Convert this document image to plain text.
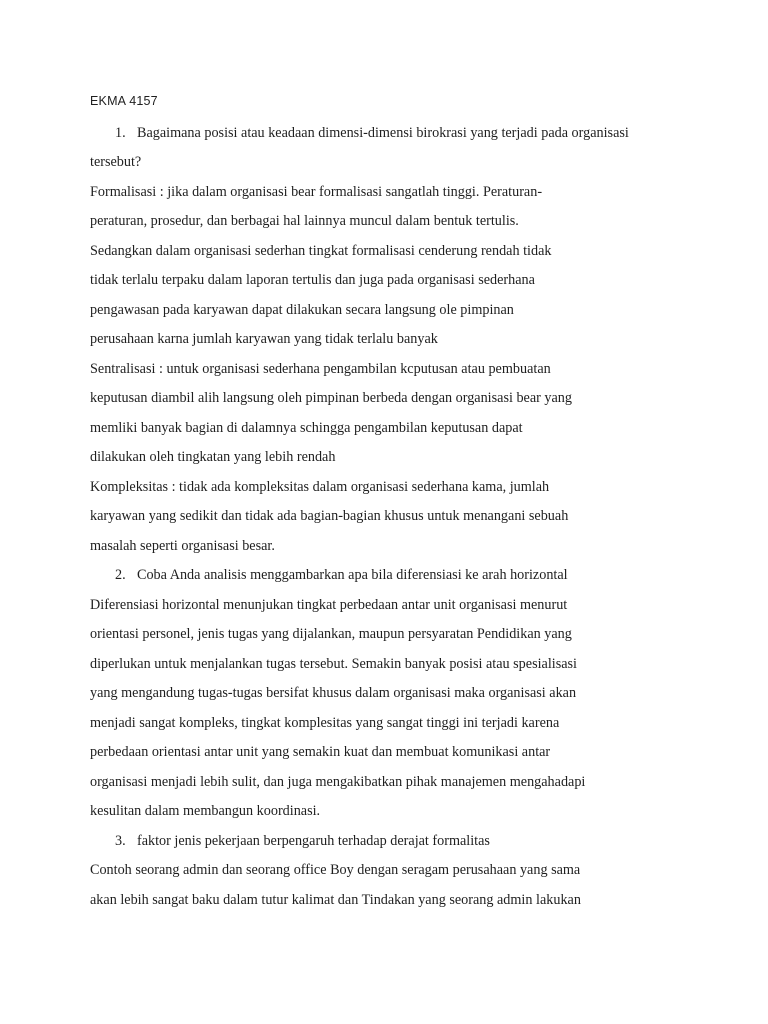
EKMA 4157
1. Bagaimana posisi atau keadaan dimensi-dimensi birokrasi yang terjadi pada organisasi
tersebut?
Formalisasi : jika dalam organisasi bear formalisasi sangatlah tinggi. Peraturan-
peraturan, prosedur, dan berbagai hal lainnya muncul dalam bentuk tertulis.
Sedangkan dalam organisasi sederhan tingkat formalisasi cenderung rendah tidak
tidak terlalu terpaku dalam laporan tertulis dan juga pada organisasi sederhana
pengawasan pada karyawan dapat dilakukan secara langsung ole pimpinan
perusahaan karna jumlah karyawan yang tidak terlalu banyak
Sentralisasi : untuk organisasi sederhana pengambilan kcputusan atau pembuatan
keputusan diambil alih langsung oleh pimpinan berbeda dengan organisasi bear yang
memliki banyak bagian di dalamnya schingga pengambilan keputusan dapat
dilakukan oleh tingkatan yang lebih rendah
Kompleksitas : tidak ada kompleksitas dalam organisasi sederhana kama, jumlah
karyawan yang sedikit dan tidak ada bagian-bagian khusus untuk menangani sebuah
masalah seperti organisasi besar.
2. Coba Anda analisis menggambarkan apa bila diferensiasi ke arah horizontal
Diferensiasi horizontal menunjukan tingkat perbedaan antar unit organisasi menurut
orientasi personel, jenis tugas yang dijalankan, maupun persyaratan Pendidikan yang
diperlukan untuk menjalankan tugas tersebut. Semakin banyak posisi atau spesialisasi
yang mengandung tugas-tugas bersifat khusus dalam organisasi maka organisasi akan
menjadi sangat kompleks, tingkat komplesitas yang sangat tinggi ini terjadi karena
perbedaan orientasi antar unit yang semakin kuat dan membuat komunikasi antar
organisasi menjadi lebih sulit, dan juga mengakibatkan pihak manajemen mengahadapi
kesulitan dalam membangun koordinasi.
3. faktor jenis pekerjaan berpengaruh terhadap derajat formalitas
Contoh seorang admin dan seorang office Boy dengan seragam perusahaan yang sama
akan lebih sangat baku dalam tutur kalimat dan Tindakan yang seorang admin lakukan
